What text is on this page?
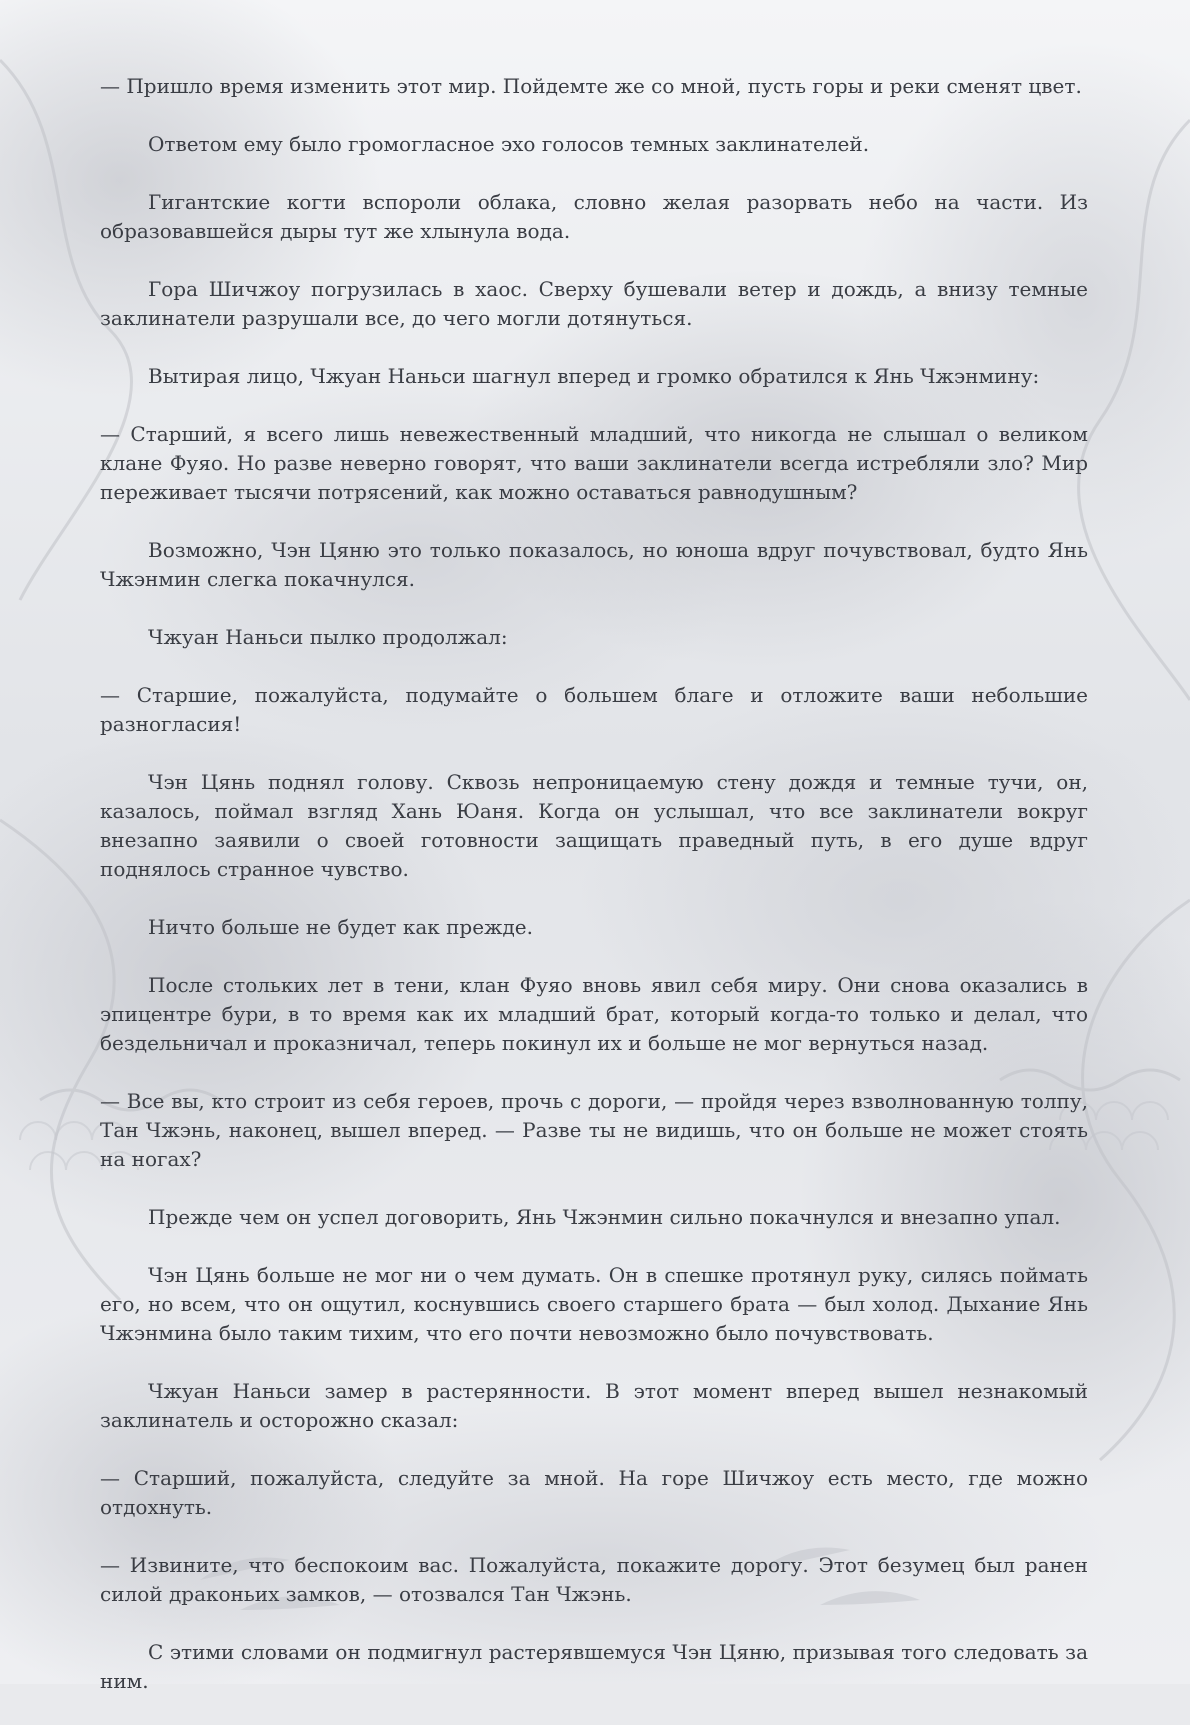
— Пришло время изменить этот мир. Пойдемте же со мной, пусть горы и реки сменят цвет.

Ответом ему было громогласное эхо голосов темных заклинателей.

Гигантские когти вспороли облака, словно желая разорвать небо на части. Из образовавшейся дыры тут же хлынула вода.

Гора Шичжоу погрузилась в хаос. Сверху бушевали ветер и дождь, а внизу темные заклинатели разрушали все, до чего могли дотянуться.

Вытирая лицо, Чжуан Наньси шагнул вперед и громко обратился к Янь Чжэнмину:

— Старший, я всего лишь невежественный младший, что никогда не слышал о великом клане Фуяо. Но разве неверно говорят, что ваши заклинатели всегда истребляли зло? Мир переживает тысячи потрясений, как можно оставаться равнодушным?

Возможно, Чэн Цяню это только показалось, но юноша вдруг почувствовал, будто Янь Чжэнмин слегка покачнулся.

Чжуан Наньси пылко продолжал:

— Старшие, пожалуйста, подумайте о большем благе и отложите ваши небольшие разногласия!

Чэн Цянь поднял голову. Сквозь непроницаемую стену дождя и темные тучи, он, казалось, поймал взгляд Хань Юаня. Когда он услышал, что все заклинатели вокруг внезапно заявили о своей готовности защищать праведный путь, в его душе вдруг поднялось странное чувство.

Ничто больше не будет как прежде.

После стольких лет в тени, клан Фуяо вновь явил себя миру. Они снова оказались в эпицентре бури, в то время как их младший брат, который когда-то только и делал, что бездельничал и проказничал, теперь покинул их и больше не мог вернуться назад.

— Все вы, кто строит из себя героев, прочь с дороги, — пройдя через взволнованную толпу, Тан Чжэнь, наконец, вышел вперед. — Разве ты не видишь, что он больше не может стоять на ногах?

Прежде чем он успел договорить, Янь Чжэнмин сильно покачнулся и внезапно упал.

Чэн Цянь больше не мог ни о чем думать. Он в спешке протянул руку, силясь поймать его, но всем, что он ощутил, коснувшись своего старшего брата — был холод. Дыхание Янь Чжэнмина было таким тихим, что его почти невозможно было почувствовать.

Чжуан Наньси замер в растерянности. В этот момент вперед вышел незнакомый заклинатель и осторожно сказал:

— Старший, пожалуйста, следуйте за мной. На горе Шичжоу есть место, где можно отдохнуть.

— Извините, что беспокоим вас. Пожалуйста, покажите дорогу. Этот безумец был ранен силой драконьих замков, — отозвался Тан Чжэнь.

С этими словами он подмигнул растерявшемуся Чэн Цяню, призывая того следовать за ним.
